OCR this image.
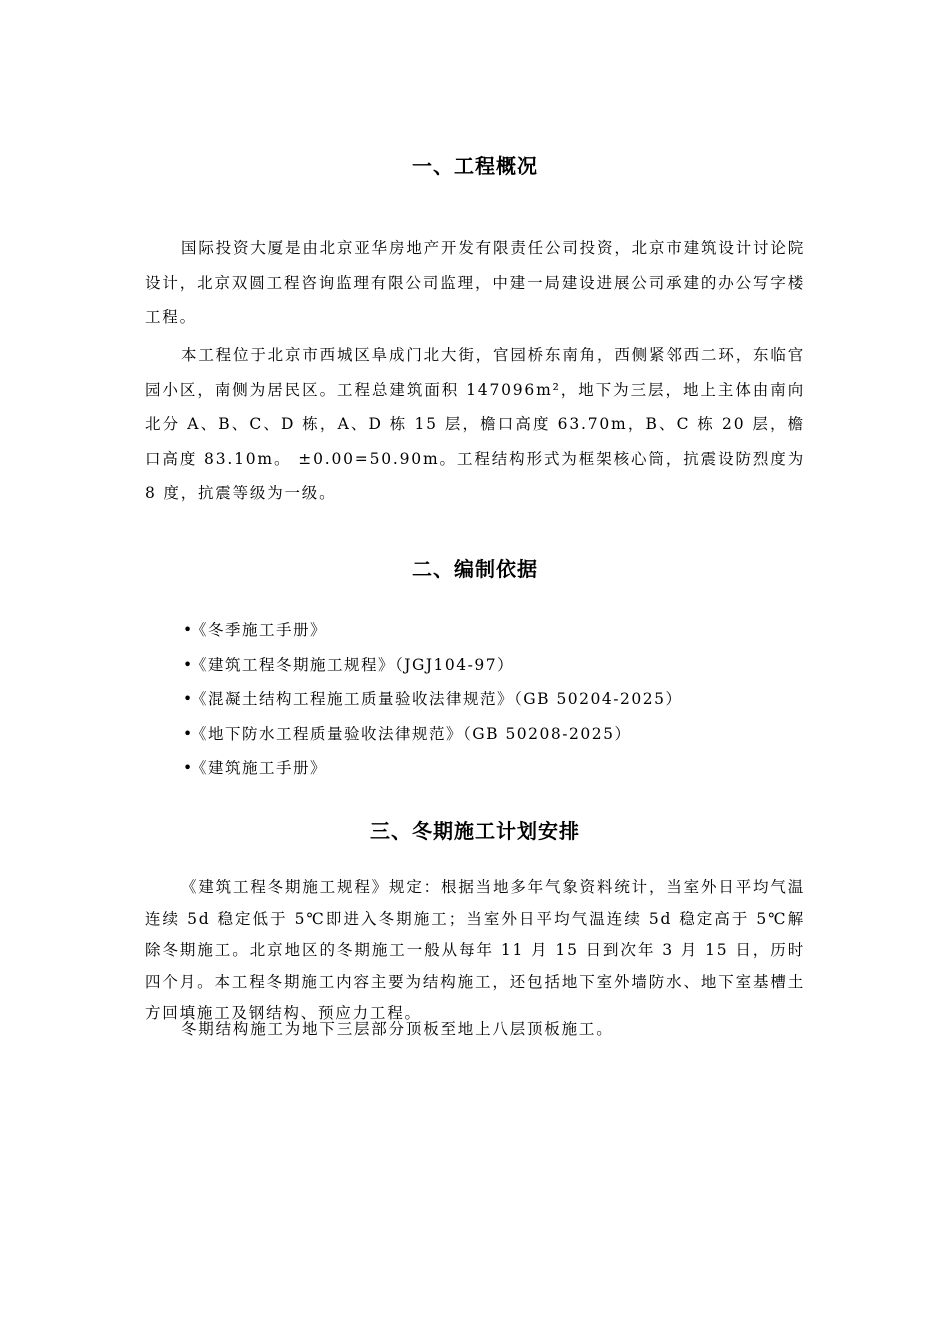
一、工程概况

国际投资大厦是由北京亚华房地产开发有限责任公司投资，北京市建筑设计讨论院设计，北京双圆工程咨询监理有限公司监理，中建一局建设进展公司承建的办公写字楼工程。

本工程位于北京市西城区阜成门北大街，官园桥东南角，西侧紧邻西二环，东临官园小区，南侧为居民区。工程总建筑面积 147096m²，地下为三层，地上主体由南向北分 A、B、C、D 栋，A、D 栋 15 层，檐口高度 63.70m，B、C 栋 20 层，檐口高度 83.10m。 ±0.00=50.90m。工程结构形式为框架核心筒，抗震设防烈度为 8 度，抗震等级为一级。

二、编制依据
•《冬季施工手册》
•《建筑工程冬期施工规程》（JGJ104-97）
•《混凝土结构工程施工质量验收法律规范》（GB 50204-2025）
•《地下防水工程质量验收法律规范》（GB 50208-2025）
•《建筑施工手册》
三、冬期施工计划安排

《建筑工程冬期施工规程》规定：根据当地多年气象资料统计，当室外日平均气温连续 5d 稳定低于 5℃即进入冬期施工；当室外日平均气温连续 5d 稳定高于 5℃解除冬期施工。北京地区的冬期施工一般从每年 11 月 15 日到次年 3 月 15 日，历时四个月。本工程冬期施工内容主要为结构施工，还包括地下室外墙防水、地下室基槽土方回填施工及钢结构、预应力工程。

冬期结构施工为地下三层部分顶板至地上八层顶板施工。
